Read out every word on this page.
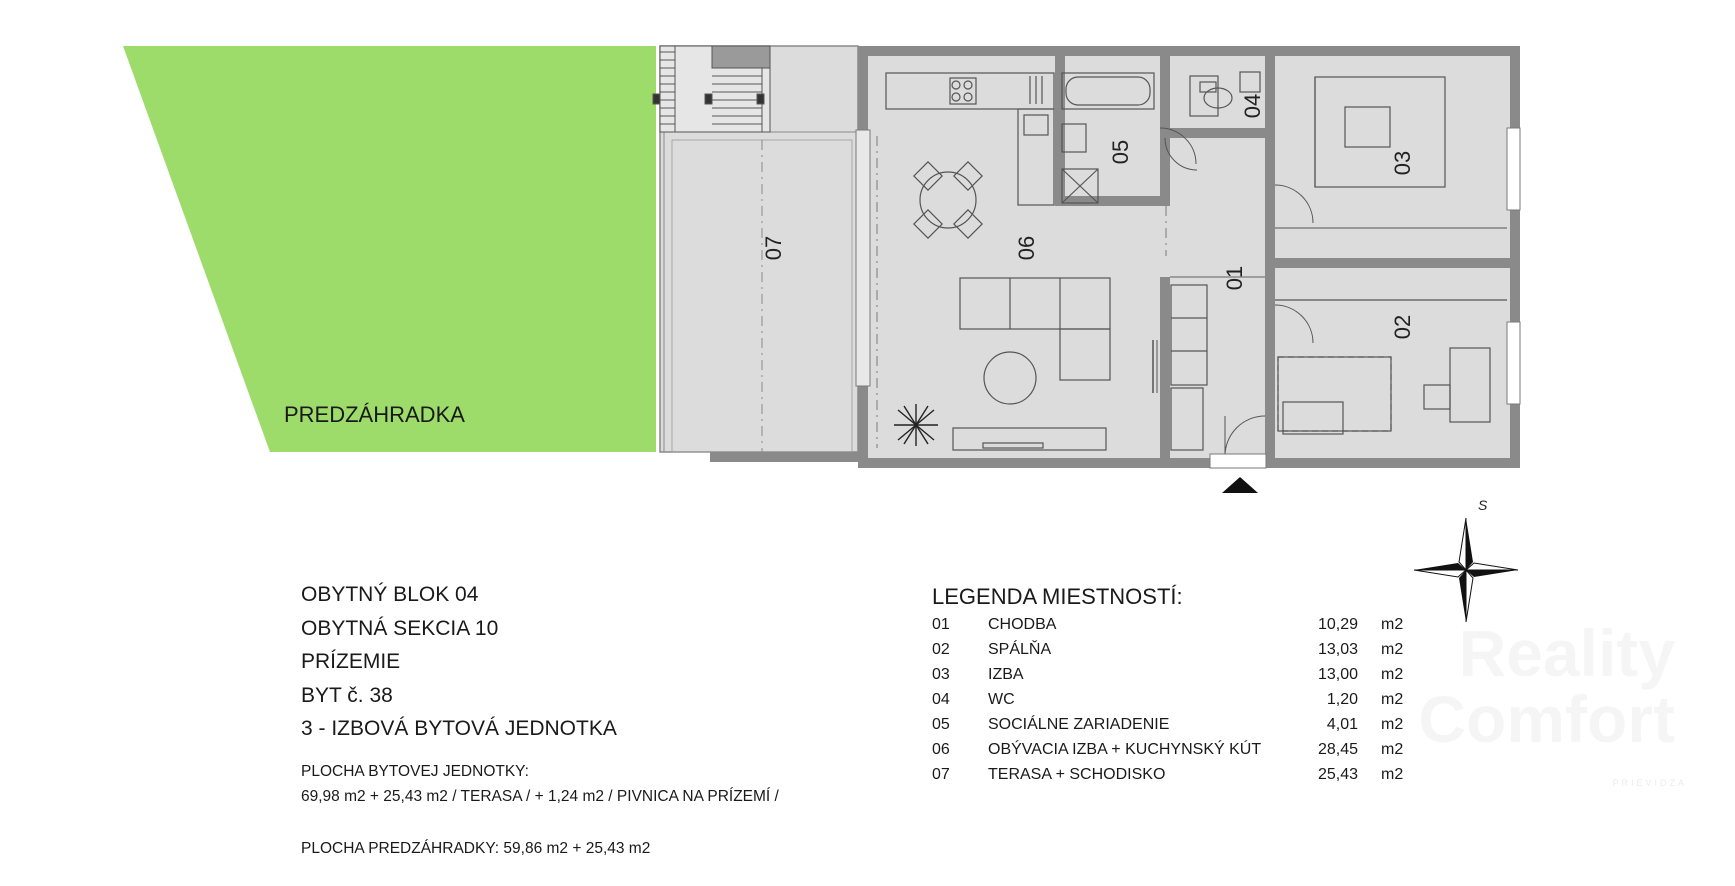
07	06
05
04
03
02
01
S
PREDZÁHRADKA
OBYTNÝ BLOK 04
OBYTNÁ SEKCIA 10
PRÍZEMIE
BYT č. 38
3 - IZBOVÁ BYTOVÁ JEDNOTKA
PLOCHA BYTOVEJ JEDNOTKY:
69,98 m2 + 25,43 m2 / TERASA / + 1,24 m2 / PIVNICA NA PRÍZEMÍ /
PLOCHA PREDZÁHRADKY: 59,86 m2 + 25,43 m2
LEGENDA MIESTNOSTÍ:
01 CHODBA	10,29 m2
02 SPÁLŇA	13,03 m2
03 IZBA	13,00 m2
04 WC	1,20 m2
05 SOCIÁLNE ZARIADENIE	4,01 m2
06 OBÝVACIA IZBA + KUCHYNSKÝ KÚT	28,45 m2
07 TERASA + SCHODISKO	25,43 m2	PRIEVIDZA
